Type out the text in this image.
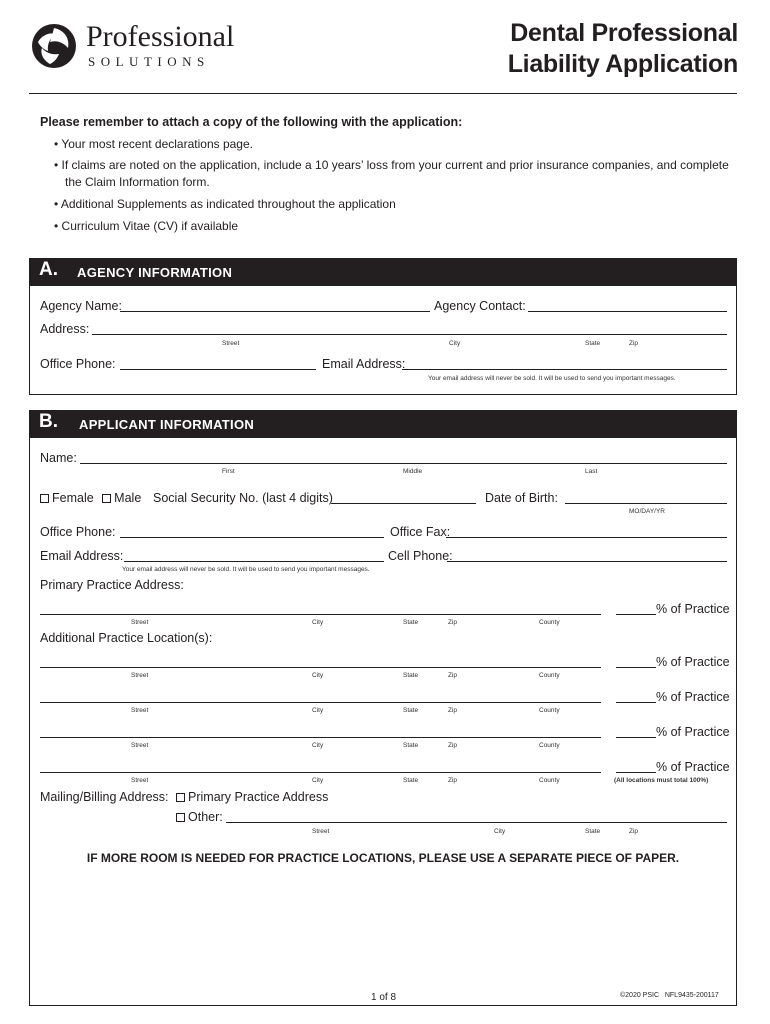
Professional
SOLUTIONS
Dental Professional
Liability Application
Please remember to attach a copy of the following with the application:
• Your most recent declarations page.
• If claims are noted on the application, include a 10 years’ loss from your current and prior insurance companies, and complete
the Claim Information form.
• Additional Supplements as indicated throughout the application
• Curriculum Vitae (CV) if available
A. AGENCY INFORMATION
Agency Name:	Agency Contact:
Address:
Street	City	State	Zip
Office Phone:	Email Address:
Your email address will never be sold. It will be used to send you important messages.
B. APPLICANT INFORMATION
Name:
First	Middle	Last
Female Male Social Security No. (last 4 digits)	Date of Birth:
MO/DAY/YR
Office Phone:	Office Fax:
Email Address:	Cell Phone:
Your email address will never be sold. It will be used to send you important messages.
Primary Practice Address:
% of Practice
Street	City	State	Zip	County
Additional Practice Location(s):
% of Practice
Street	City	State	Zip	County
% of Practice
Street	City	State	Zip	County
% of Practice
Street	City	State	Zip	County
% of Practice
Street	City	State	Zip	County	(All locations must total 100%)
Mailing/Billing Address:	Primary Practice Address
Other:
Street	City	State	Zip
IF MORE ROOM IS NEEDED FOR PRACTICE LOCATIONS, PLEASE USE A SEPARATE PIECE OF PAPER.
1 of 8	©2020 PSIC   NFL9435-200117
